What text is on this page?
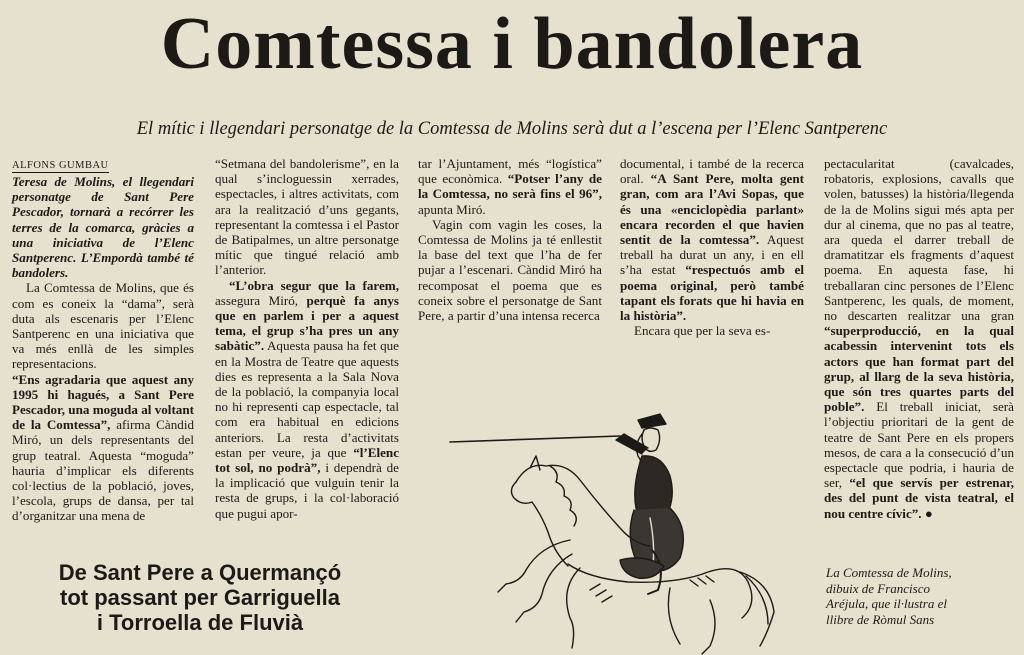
Comtessa i bandolera
El mític i llegendari personatge de la Comtessa de Molins serà dut a l’escena per l’Elenc Santperenc
ALFONS GUMBAU

Teresa de Molins, el llegendari personatge de Sant Pere Pescador, tornarà a recórrer les terres de la comarca, gràcies a una iniciativa de l’Elenc Santperenc. L’Empordà també té bandolers.

La Comtessa de Molins, que és com es coneix la “dama”, serà duta als escenaris per l’Elenc Santperenc en una iniciativa que va més enllà de les simples representacions.

“Ens agradaria que aquest any 1995 hi hagués, a Sant Pere Pescador, una moguda al voltant de la Comtessa”, afirma Càndid Miró, un dels representants del grup teatral. Aquesta “moguda” hauria d’implicar els diferents col·lectius de la població, joves, l’escola, grups de dansa, per tal d’organitzar una mena de

“Setmana del bandolerisme”, en la qual s’incloguessin xerrades, espectacles, i altres activitats, com ara la realització d’uns gegants, representant la comtessa i el Pastor de Batipalmes, un altre personatge mític que tingué relació amb l’anterior.

“L’obra segur que la farem, assegura Miró, perquè fa anys que en parlem i per a aquest tema, el grup s’ha pres un any sabàtic”. Aquesta pausa ha fet que en la Mostra de Teatre que aquests dies es representa a la Sala Nova de la població, la companyia local no hi representi cap espectacle, tal com era habitual en edicions anteriors. La resta d’activitats estan per veure, ja que “l’Elenc tot sol, no podrà”, i dependrà de la implicació que vulguin tenir la resta de grups, i la col·laboració que pugui apor-

tar l’Ajuntament, més “logística” que econòmica. “Potser l’any de la Comtessa, no serà fins el 96”, apunta Miró.

Vagin com vagin les coses, la Comtessa de Molins ja té enllestit la base del text que l’ha de fer pujar a l’escenari. Càndid Miró ha recomposat el poema que es coneix sobre el personatge de Sant Pere, a partir d’una intensa recerca

documental, i també de la recerca oral. “A Sant Pere, molta gent gran, com ara l’Avi Sopas, que és una «enciclopèdia parlant» encara recorden el que havien sentit de la comtessa”. Aquest treball ha durat un any, i en ell s’ha estat “respectuós amb el poema original, però també tapant els forats que hi havia en la història”.

Encara que per la seva es-

pectacularitat (cavalcades, robatoris, explosions, cavalls que volen, batusses) la història/llegenda de la de Molins sigui més apta per dur al cinema, que no pas al teatre, ara queda el darrer treball de dramatitzar els fragments d’aquest poema. En aquesta fase, hi treballaran cinc persones de l’Elenc Santperenc, les quals, de moment, no descarten realitzar una gran “superproducció, en la qual acabessin intervenint tots els actors que han format part del grup, al llarg de la seva història, que són tres quartes parts del poble”. El treball iniciat, serà l’objectiu prioritari de la gent de teatre de Sant Pere en els propers mesos, de cara a la consecució d’un espectacle que podria, i hauria de ser, “el que servís per estrenar, des del punt de vista teatral, el nou centre cívic”. ●

De Sant Pere a Quermançó
tot passant per Garriguella
i Torroella de Fluvià
La Comtessa de Molins,
dibuix de Francisco
Aréjula, que il·lustra el
llibre de Ròmul Sans
